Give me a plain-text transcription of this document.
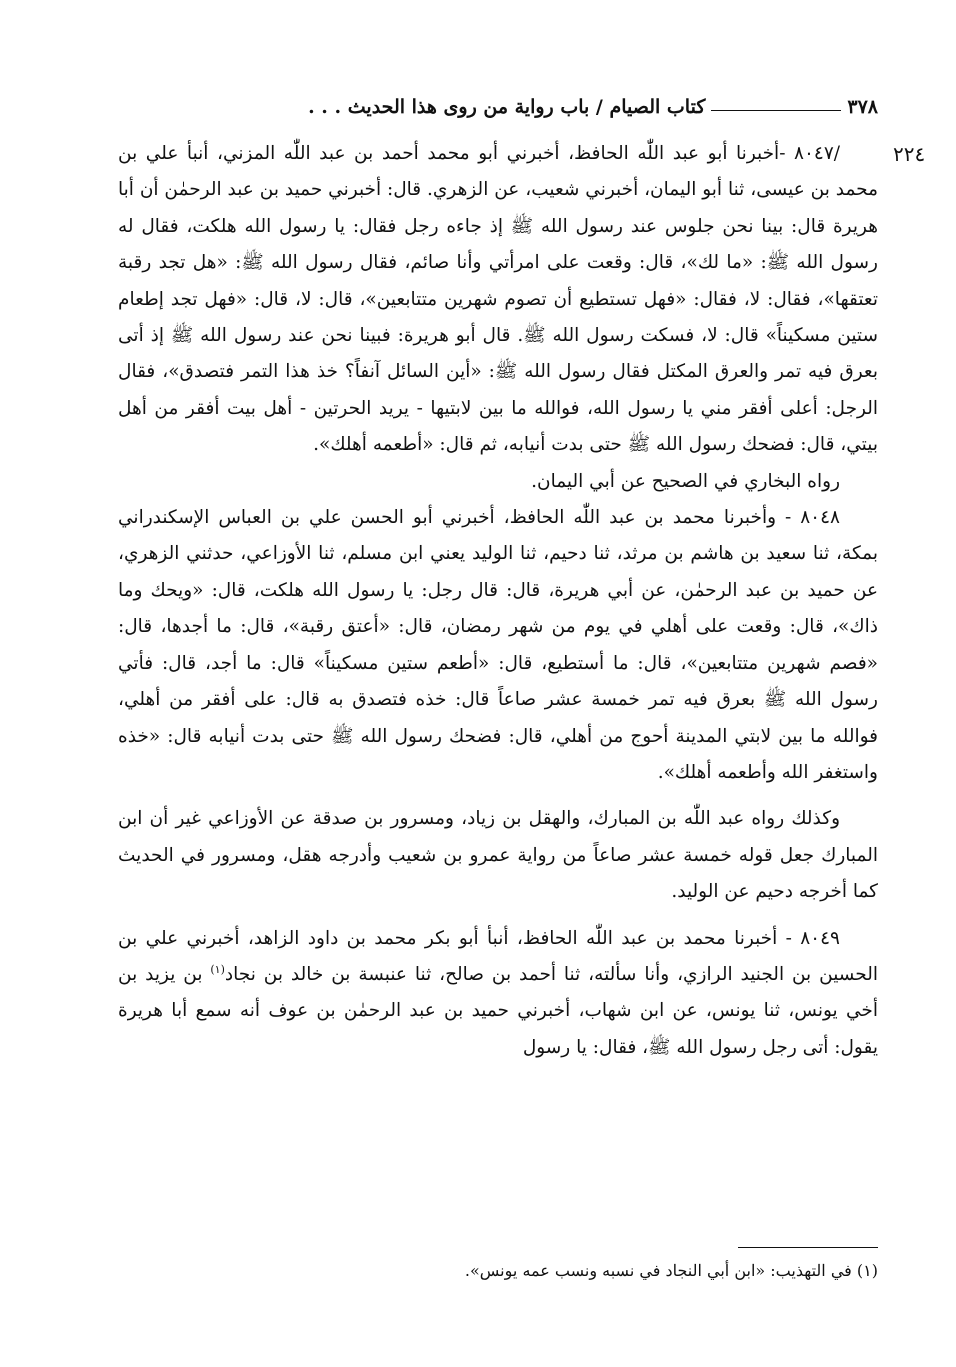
٣٧٨
كتاب الصيام / باب رواية من روى هذا الحديث . . .
٢٢٤

/٨٠٤٧ -أخبرنا أبو عبد اللّٰه الحافظ، أخبرني أبو محمد أحمد بن عبد اللّٰه المزني، أنبأ علي بن محمد بن عيسى، ثنا أبو اليمان، أخبرني شعيب، عن الزهري. قال: أخبرني حميد بن عبد الرحمٰن أن أبا هريرة قال: بينا نحن جلوس عند رسول الله ﷺ إذ جاءه رجل فقال: يا رسول الله هلكت، فقال له رسول الله ﷺ: «ما لك»، قال: وقعت على امرأتي وأنا صائم، فقال رسول الله ﷺ: «هل تجد رقبة تعتقها»، فقال: لا، فقال: «فهل تستطيع أن تصوم شهرين متتابعين»، قال: لا، قال: «فهل تجد إطعام ستين مسكيناً» قال: لا، فسكت رسول الله ﷺ. قال أبو هريرة: فبينا نحن عند رسول الله ﷺ إذ أتى بعرق فيه تمر والعرق المكتل فقال رسول الله ﷺ: «أين السائل آنفاً؟ خذ هذا التمر فتصدق»، فقال الرجل: أعلى أفقر مني يا رسول الله، فوالله ما بين لابتيها - يريد الحرتين - أهل بيت أفقر من أهل بيتي، قال: فضحك رسول الله ﷺ حتى بدت أنيابه، ثم قال: «أطعمه أهلك».

رواه البخاري في الصحيح عن أبي اليمان.

٨٠٤٨ - وأخبرنا محمد بن عبد اللّٰه الحافظ، أخبرني أبو الحسن علي بن العباس الإسكندراني بمكة، ثنا سعيد بن هاشم بن مرثد، ثنا دحيم، ثنا الوليد يعني ابن مسلم، ثنا الأوزاعي، حدثني الزهري، عن حميد بن عبد الرحمٰن، عن أبي هريرة، قال: قال رجل: يا رسول الله هلكت، قال: «ويحك وما ذاك»، قال: وقعت على أهلي في يوم من شهر رمضان، قال: «أعتق رقبة»، قال: ما أجدها، قال: «فصم شهرين متتابعين»، قال: ما أستطيع، قال: «أطعم ستين مسكيناً» قال: ما أجد، قال: فأتي رسول الله ﷺ بعرق فيه تمر خمسة عشر صاعاً قال: خذه فتصدق به قال: على أفقر من أهلي، فوالله ما بين لابتي المدينة أحوج من أهلي، قال: فضحك رسول الله ﷺ حتى بدت أنيابه قال: «خذه واستغفر الله وأطعمه أهلك».

وكذلك رواه عبد اللّٰه بن المبارك، والهقل بن زياد، ومسرور بن صدقة عن الأوزاعي غير أن ابن المبارك جعل قوله خمسة عشر صاعاً من رواية عمرو بن شعيب وأدرجه هقل، ومسرور في الحديث كما أخرجه دحيم عن الوليد.

٨٠٤٩ - أخبرنا محمد بن عبد اللّٰه الحافظ، أنبأ أبو بكر محمد بن داود الزاهد، أخبرني علي بن الحسين بن الجنيد الرازي، وأنا سألته، ثنا أحمد بن صالح، ثنا عنبسة بن خالد بن نجاد$^{(١)}$ بن يزيد بن أخي يونس، ثنا يونس، عن ابن شهاب، أخبرني حميد بن عبد الرحمٰن بن عوف أنه سمع أبا هريرة يقول: أتى رجل رسول الله ﷺ، فقال: يا رسول

(١) في التهذيب: «ابن أبي النجاد في نسبه ونسب عمه يونس».
